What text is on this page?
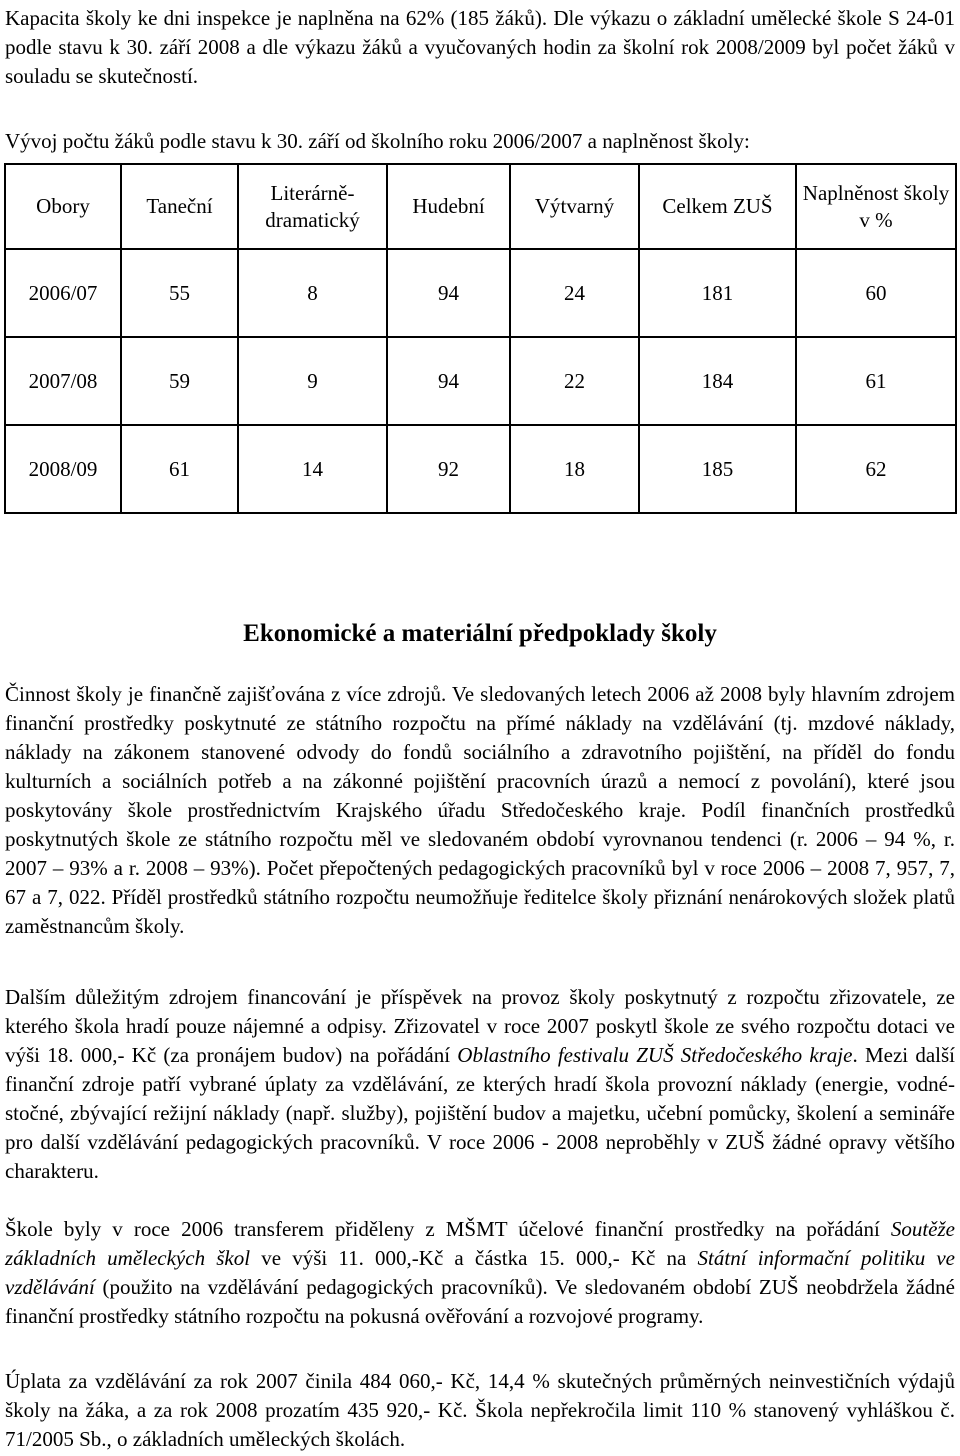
Kapacita školy ke dni inspekce je naplněna na 62% (185 žáků). Dle výkazu o základní umělecké škole S 24-01 podle stavu k 30. září 2008 a dle výkazu žáků a vyučovaných hodin za školní rok 2008/2009 byl počet žáků v souladu se skutečností.

Vývoj počtu žáků podle stavu k 30. září od školního roku 2006/2007 a naplněnost školy:

Obory	Taneční	Literárně-dramatický	Hudební	Výtvarný	Celkem ZUŠ	Naplněnost školy v %
2006/07	55	8	94	24	181	60
2007/08	59	9	94	22	184	61
2008/09	61	14	92	18	185	62
Ekonomické a materiální předpoklady školy

Činnost školy je finančně zajišťována z více zdrojů. Ve sledovaných letech 2006 až 2008 byly hlavním zdrojem finanční prostředky poskytnuté ze státního rozpočtu na přímé náklady na vzdělávání (tj. mzdové náklady, náklady na zákonem stanovené odvody do fondů sociálního a zdravotního pojištění, na příděl do fondu kulturních a sociálních potřeb a na zákonné pojištění pracovních úrazů a nemocí z povolání), které jsou poskytovány škole prostřednictvím Krajského úřadu Středočeského kraje. Podíl finančních prostředků poskytnutých škole ze státního rozpočtu měl ve sledovaném období vyrovnanou tendenci (r. 2006 – 94 %, r. 2007 – 93% a r. 2008 – 93%). Počet přepočtených pedagogických pracovníků byl v roce 2006 – 2008 7, 957, 7, 67 a 7, 022. Příděl prostředků státního rozpočtu neumožňuje ředitelce školy přiznání nenárokových složek platů zaměstnancům školy.

Dalším důležitým zdrojem financování je příspěvek na provoz školy poskytnutý z rozpočtu zřizovatele, ze kterého škola hradí pouze nájemné a odpisy. Zřizovatel v roce 2007 poskytl škole ze svého rozpočtu dotaci ve výši 18. 000,- Kč (za pronájem budov) na pořádání Oblastního festivalu ZUŠ Středočeského kraje. Mezi další finanční zdroje patří vybrané úplaty za vzdělávání, ze kterých hradí škola provozní náklady (energie, vodné-stočné, zbývající režijní náklady (např. služby), pojištění budov a majetku, učební pomůcky, školení a semináře pro další vzdělávání pedagogických pracovníků. V roce 2006 - 2008 neproběhly v ZUŠ žádné opravy většího charakteru.

Škole byly v roce 2006 transferem přiděleny z MŠMT účelové finanční prostředky na pořádání Soutěže základních uměleckých škol ve výši 11. 000,-Kč a částka 15. 000,- Kč na Státní informační politiku ve vzdělávání (použito na vzdělávání pedagogických pracovníků). Ve sledovaném období ZUŠ neobdržela žádné finanční prostředky státního rozpočtu na pokusná ověřování a rozvojové programy.

Úplata za vzdělávání za rok 2007 činila 484 060,- Kč, 14,4 % skutečných průměrných neinvestičních výdajů školy na žáka, a za rok 2008 prozatím 435 920,- Kč. Škola nepřekročila limit 110 % stanovený vyhláškou č. 71/2005 Sb., o základních uměleckých školách.
